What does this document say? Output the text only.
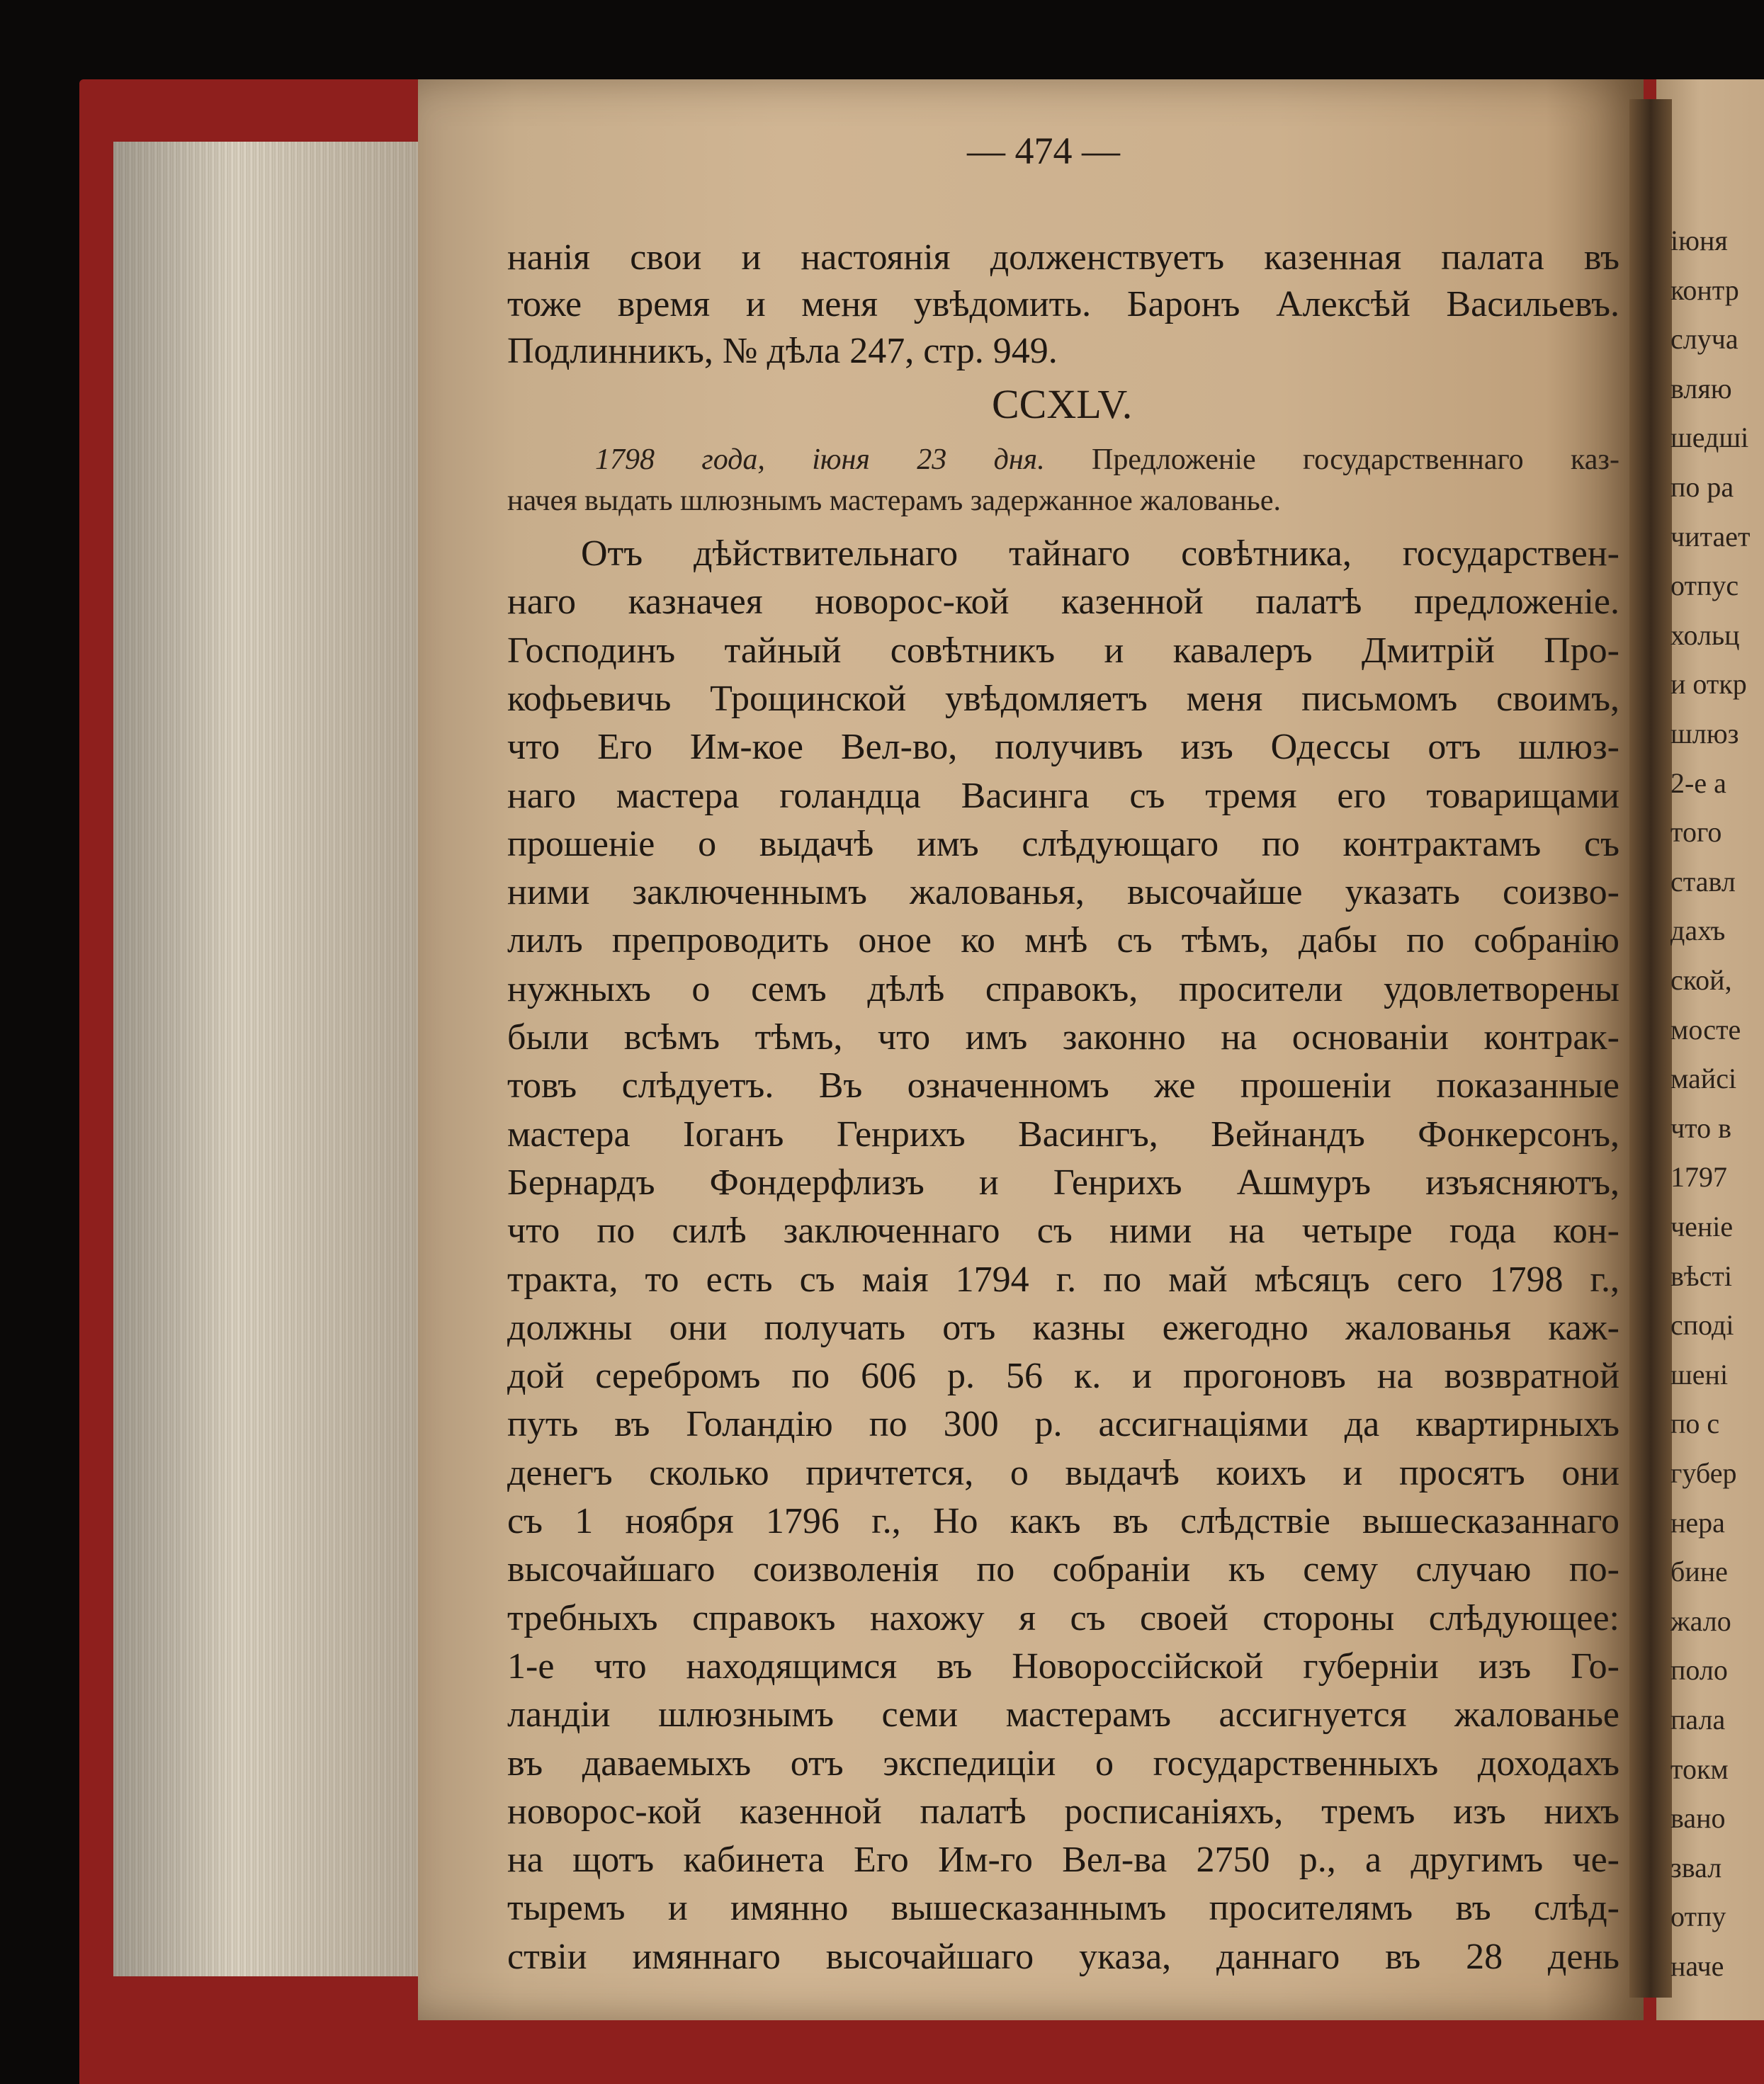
— 474 —
нанія свои и настоянія долженствуетъ казенная палата въ
тоже время и меня увѣдомить. Баронъ Алексѣй Васильевъ.
Подлинникъ, № дѣла 247, стр. 949.
CCXLV.
1798 года, іюня 23 дня. Предложеніе государственнаго каз-
начея выдать шлюзнымъ мастерамъ задержанное жалованье.
Отъ дѣйствительнаго тайнаго совѣтника, государствен-
наго казначея новорос-кой казенной палатѣ предложеніе.
Господинъ тайный совѣтникъ и кавалеръ Дмитрій Про-
кофьевичь Трощинской увѣдомляетъ меня письмомъ своимъ,
что Его Им-кое Вел-во, получивъ изъ Одессы отъ шлюз-
наго мастера голандца Васинга съ тремя его товарищами
прошеніе о выдачѣ имъ слѣдующаго по контрактамъ съ
ними заключеннымъ жалованья, высочайше указать соизво-
лилъ препроводить оное ко мнѣ съ тѣмъ, дабы по собранію
нужныхъ о семъ дѣлѣ справокъ, просители удовлетворены
были всѣмъ тѣмъ, что имъ законно на основаніи контрак-
товъ слѣдуетъ. Въ означенномъ же прошеніи показанные
мастера Іоганъ Генрихъ Васингъ, Вейнандъ Фонкерсонъ,
Бернардъ Фондерфлизъ и Генрихъ Ашмуръ изъясняютъ,
что по силѣ заключеннаго съ ними на четыре года кон-
тракта, то есть съ маія 1794 г. по май мѣсяцъ сего 1798 г.,
должны они получать отъ казны ежегодно жалованья каж-
дой серебромъ по 606 р. 56 к. и прогоновъ на возвратной
путь въ Голандію по 300 р. ассигнаціями да квартирныхъ
денегъ сколько причтется, о выдачѣ коихъ и просятъ они
съ 1 ноября 1796 г., Но какъ въ слѣдствіе вышесказаннаго
высочайшаго соизволенія по собраніи къ сему случаю по-
требныхъ справокъ нахожу я съ своей стороны слѣдующее:
1-е что находящимся въ Новороссійской губерніи изъ Го-
ландіи шлюзнымъ семи мастерамъ ассигнуется жалованье
въ даваемыхъ отъ экспедиціи о государственныхъ доходахъ
новорос-кой казенной палатѣ росписаніяхъ, тремъ изъ нихъ
на щотъ кабинета Его Им-го Вел-ва 2750 р., а другимъ че-
тыремъ и имянно вышесказаннымъ просителямъ въ слѣд-
ствіи имяннаго высочайшаго указа, даннаго въ 28 день
іюня
контр
случа
вляю
шедші
по ра
читает
отпус
хольц
и откр
шлюз
2-е а
того
ставл
дахъ
ской,
мосте
майсі
что в
1797
ченіе
вѣсті
споді
шені
по с
губер
нера
бине
жало
поло
пала
токм
вано
звал
отпу
наче
